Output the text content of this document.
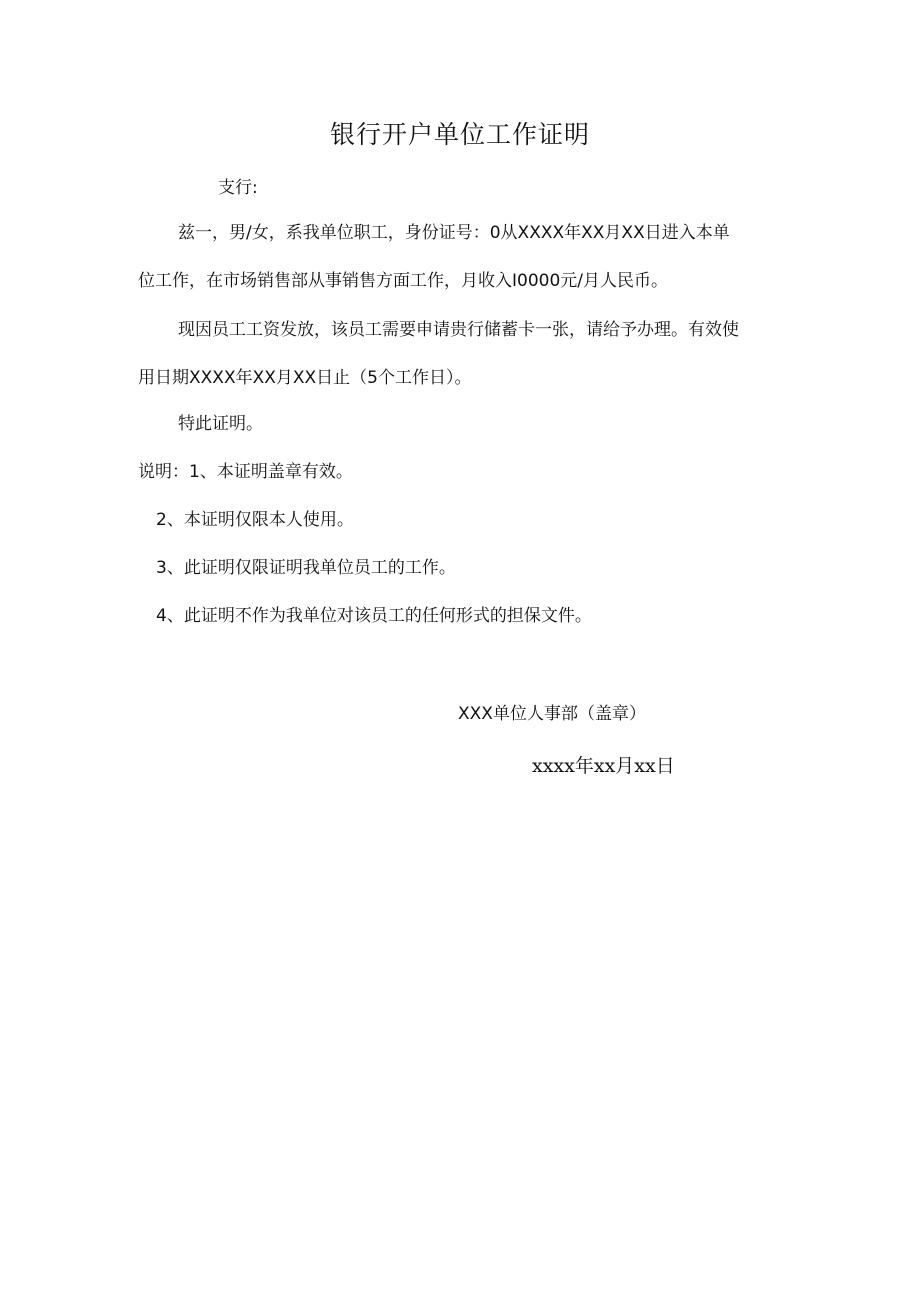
银行开户单位工作证明
支行:
兹一，男/女，系我单位职工，身份证号：0从XXXX年XX月XX日进入本单
位工作，在市场销售部从事销售方面工作，月收入I0000元/月人民币。
现因员工工资发放，该员工需要申请贵行储蓄卡一张，请给予办理。有效使
用日期XXXX年XX月XX日止（5个工作日）。
特此证明。
说明：1、本证明盖章有效。
2、本证明仅限本人使用。
3、此证明仅限证明我单位员工的工作。
4、此证明不作为我单位对该员工的任何形式的担保文件。
XXX单位人事部（盖章）
xxxx年xx月xx日
